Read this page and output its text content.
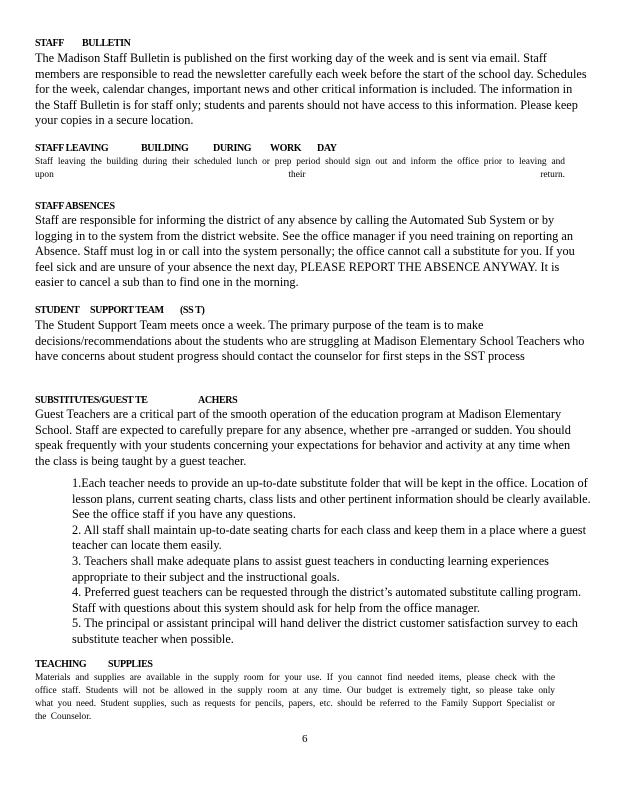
STAFF BULLETIN
The Madison Staff Bulletin is published on the first working day of the week and is sent via email. Staff members are responsible to read the newsletter carefully each week before the start of the school day. Schedules for the week, calendar changes, important news and other critical information is included. The information in the Staff Bulletin is for staff only; students and parents should not have access to this information. Please keep your copies in a secure location.
STAFF LEAVING	BUILDING DURING WORK DAY
Staff leaving the building during their scheduled lunch or prep period should sign out and inform the office prior to leaving and upon their return.
STAFF ABSENCES
Staff are responsible for informing the district of any absence by calling the Automated Sub System or by logging in to the system from the district website. See the office manager if you need training on reporting an Absence. Staff must log in or call into the system personally; the office cannot call a substitute for you. If you feel sick and are unsure of your absence the next day, PLEASE REPORT THE ABSENCE ANYWAY. It is easier to cancel a sub than to find one in the morning.
STUDENT SUPPORT TEAM (SS T)
The Student Support Team meets once a week. The primary purpose of the team is to make decisions/recommendations about the students who are struggling at Madison Elementary School Teachers who have concerns about student progress should contact the counselor for first steps in the SST process
SUBSTITUTES/GUEST TE	ACHERS
Guest Teachers are a critical part of the smooth operation of the education program at Madison Elementary School. Staff are expected to carefully prepare for any absence, whether pre -arranged or sudden. You should speak frequently with your students concerning your expectations for behavior and activity at any time when the class is being taught by a guest teacher.

1.Each teacher needs to provide an up-to-date substitute folder that will be kept in the office. Location of lesson plans, current seating charts, class lists and other pertinent information should be clearly available. See the office staff if you have any questions.

2. All staff shall maintain up-to-date seating charts for each class and keep them in a place where a guest teacher can locate them easily.

3. Teachers shall make adequate plans to assist guest teachers in conducting learning experiences appropriate to their subject and the instructional goals.

4. Preferred guest teachers can be requested through the district’s automated substitute calling program. Staff with questions about this system should ask for help from the office manager.

5. The principal or assistant principal will hand deliver the district customer satisfaction survey to each substitute teacher when possible.

TEACHING SUPPLIES
Materials and supplies are available in the supply room for your use. If you cannot find needed items, please check with the office staff. Students will not be allowed in the supply room at any time. Our budget is extremely tight, so please take only what you need. Student supplies, such as requests for pencils, papers, etc. should be referred to the Family Support Specialist or the Counselor.
6
